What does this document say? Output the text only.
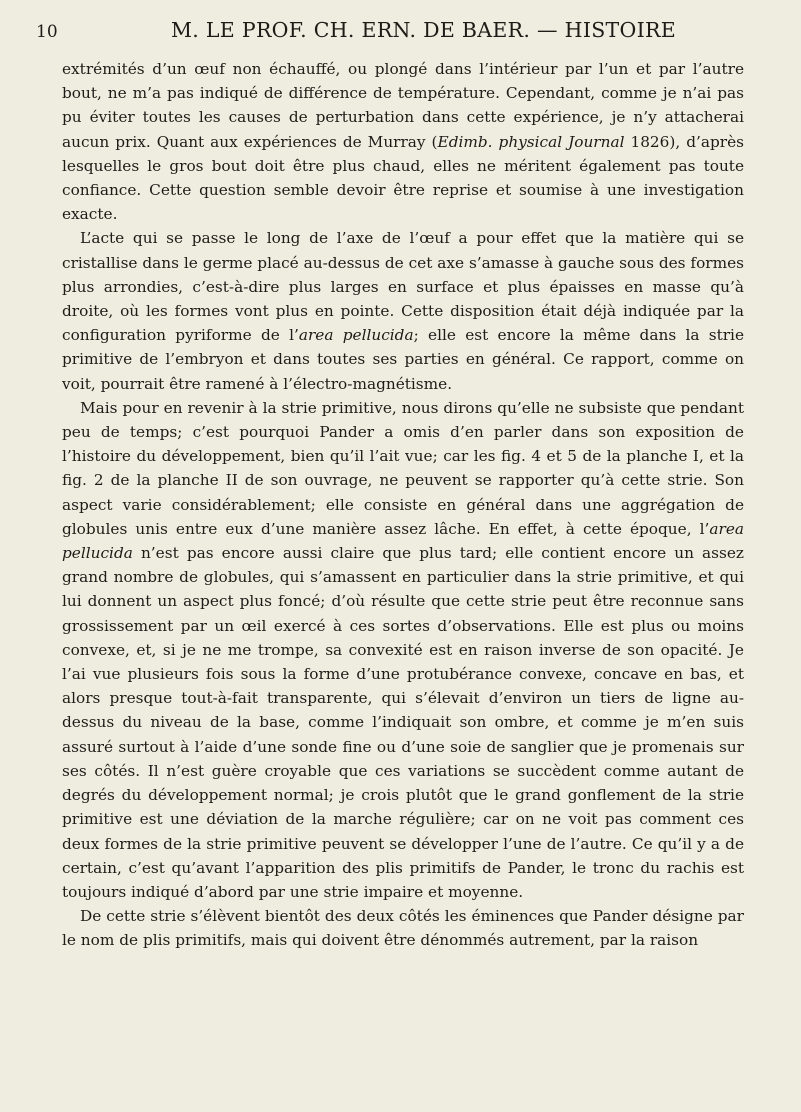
10	M. LE PROF. CH. ERN. DE BAER. — HISTOIRE

extrémités d’un œuf non échauffé, ou plongé dans l’intérieur par l’un et par l’autre bout, ne m’a pas indiqué de différence de température. Cependant, comme je n’ai pas pu éviter toutes les causes de perturbation dans cette expérience, je n’y attacherai aucun prix. Quant aux expériences de Murray (Edimb. physical Journal 1826), d’après lesquelles le gros bout doit être plus chaud, elles ne méritent également pas toute confiance. Cette question semble devoir être reprise et soumise à une investigation exacte.

L’acte qui se passe le long de l’axe de l’œuf a pour effet que la matière qui se cristallise dans le germe placé au-dessus de cet axe s’amasse à gauche sous des formes plus arrondies, c’est-à-dire plus larges en surface et plus épaisses en masse qu’à droite, où les formes vont plus en pointe. Cette disposition était déjà indiquée par la configuration pyriforme de l’area pellucida; elle est encore la même dans la strie primitive de l’embryon et dans toutes ses parties en général. Ce rapport, comme on voit, pourrait être ramené à l’électro-magnétisme.

Mais pour en revenir à la strie primitive, nous dirons qu’elle ne subsiste que pendant peu de temps; c’est pourquoi Pander a omis d’en parler dans son exposition de l’histoire du développement, bien qu’il l’ait vue; car les fig. 4 et 5 de la planche I, et la fig. 2 de la planche II de son ouvrage, ne peuvent se rapporter qu’à cette strie. Son aspect varie considérablement; elle consiste en général dans une aggrégation de globules unis entre eux d’une manière assez lâche. En effet, à cette époque, l’area pellucida n’est pas encore aussi claire que plus tard; elle contient encore un assez grand nombre de globules, qui s’amassent en particulier dans la strie primitive, et qui lui donnent un aspect plus foncé; d’où résulte que cette strie peut être reconnue sans grossissement par un œil exercé à ces sortes d’observations. Elle est plus ou moins convexe, et, si je ne me trompe, sa convexité est en raison inverse de son opacité. Je l’ai vue plusieurs fois sous la forme d’une protubérance convexe, concave en bas, et alors presque tout-à-fait transparente, qui s’élevait d’environ un tiers de ligne au-dessus du niveau de la base, comme l’indiquait son ombre, et comme je m’en suis assuré surtout à l’aide d’une sonde fine ou d’une soie de sanglier que je promenais sur ses côtés. Il n’est guère croyable que ces variations se succèdent comme autant de degrés du développement normal; je crois plutôt que le grand gonflement de la strie primitive est une déviation de la marche régulière; car on ne voit pas comment ces deux formes de la strie primitive peuvent se développer l’une de l’autre. Ce qu’il y a de certain, c’est qu’avant l’apparition des plis primitifs de Pander, le tronc du rachis est toujours indiqué d’abord par une strie impaire et moyenne.

De cette strie s’élèvent bientôt des deux côtés les éminences que Pander désigne par le nom de plis primitifs, mais qui doivent être dénommés autrement, par la raison
